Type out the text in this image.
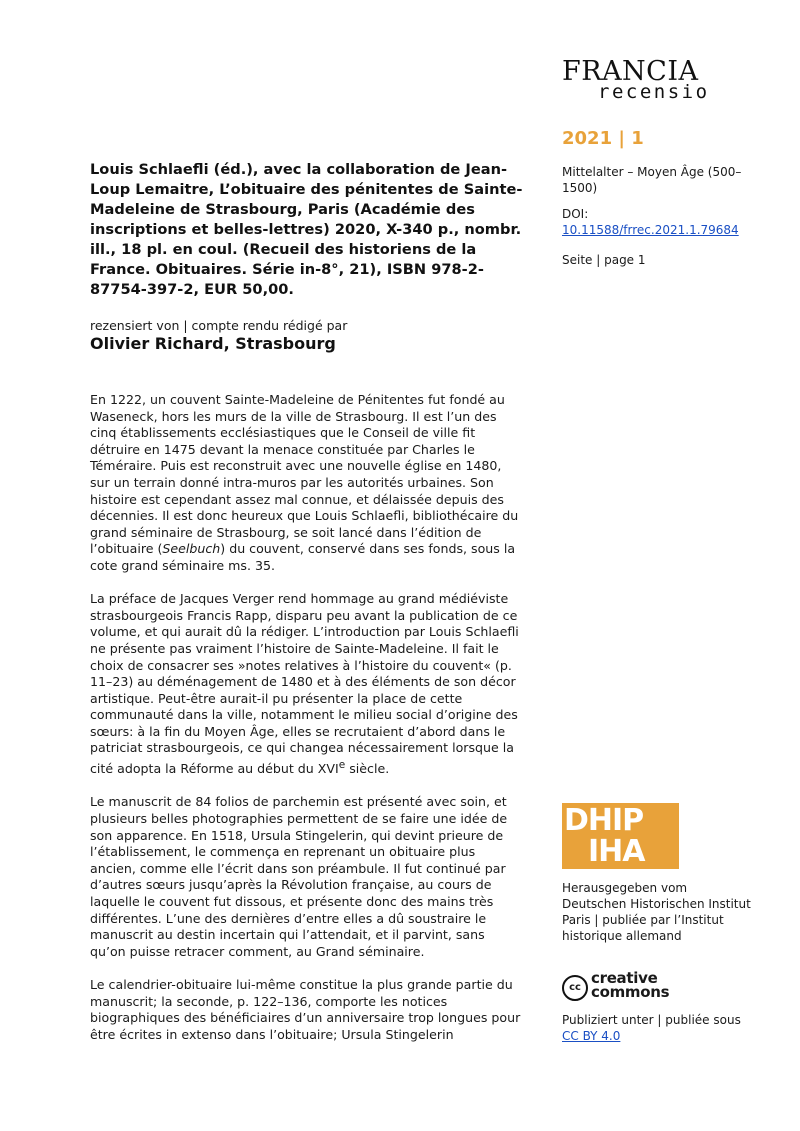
FRANCIA
recensio
2021 | 1
Mittelalter – Moyen Âge (500–1500)
DOI:
10.11588/frrec.2021.1.79684
Seite | page 1
Louis Schlaefli (éd.), avec la collaboration de Jean-Loup Lemaitre, L’obituaire des pénitentes de Sainte-Madeleine de Strasbourg, Paris (Académie des inscriptions et belles-lettres) 2020, X-340 p., nombr. ill., 18 pl. en coul. (Recueil des historiens de la France. Obituaires. Série in-8°, 21), ISBN 978-2-87754-397-2, EUR 50,00.
rezensiert von | compte rendu rédigé par
Olivier Richard, Strasbourg

En 1222, un couvent Sainte-Madeleine de Pénitentes fut fondé au Waseneck, hors les murs de la ville de Strasbourg. Il est l’un des cinq établissements ecclésiastiques que le Conseil de ville fit détruire en 1475 devant la menace constituée par Charles le Téméraire. Puis est reconstruit avec une nouvelle église en 1480, sur un terrain donné intra-muros par les autorités urbaines. Son histoire est cependant assez mal connue, et délaissée depuis des décennies. Il est donc heureux que Louis Schlaefli, bibliothécaire du grand séminaire de Strasbourg, se soit lancé dans l’édition de l’obituaire (Seelbuch) du couvent, conservé dans ses fonds, sous la cote grand séminaire ms. 35.

La préface de Jacques Verger rend hommage au grand médiéviste strasbourgeois Francis Rapp, disparu peu avant la publication de ce volume, et qui aurait dû la rédiger. L’introduction par Louis Schlaefli ne présente pas vraiment l’histoire de Sainte-Madeleine. Il fait le choix de consacrer ses »notes relatives à l’histoire du couvent« (p. 11–23) au déménagement de 1480 et à des éléments de son décor artistique. Peut-être aurait-il pu présenter la place de cette communauté dans la ville, notamment le milieu social d’origine des sœurs: à la fin du Moyen Âge, elles se recrutaient d’abord dans le patriciat strasbourgeois, ce qui changea nécessairement lorsque la cité adopta la Réforme au début du XVIe siècle.

Le manuscrit de 84 folios de parchemin est présenté avec soin, et plusieurs belles photographies permettent de se faire une idée de son apparence. En 1518, Ursula Stingelerin, qui devint prieure de l’établissement, le commença en reprenant un obituaire plus ancien, comme elle l’écrit dans son préambule. Il fut continué par d’autres sœurs jusqu’après la Révolution française, au cours de laquelle le couvent fut dissous, et présente donc des mains très différentes. L’une des dernières d’entre elles a dû soustraire le manuscrit au destin incertain qui l’attendait, et il parvint, sans qu’on puisse retracer comment, au Grand séminaire.

Le calendrier-obituaire lui-même constitue la plus grande partie du manuscrit; la seconde, p. 122–136, comporte les notices biographiques des bénéficiaires d’un anniversaire trop longues pour être écrites in extenso dans l’obituaire; Ursula Stingelerin

DHIP
IHA
Herausgegeben vom Deutschen Historischen Institut Paris | publiée par l’Institut historique allemand
cc
creative
commons
Publiziert unter | publiée sous
CC BY 4.0
